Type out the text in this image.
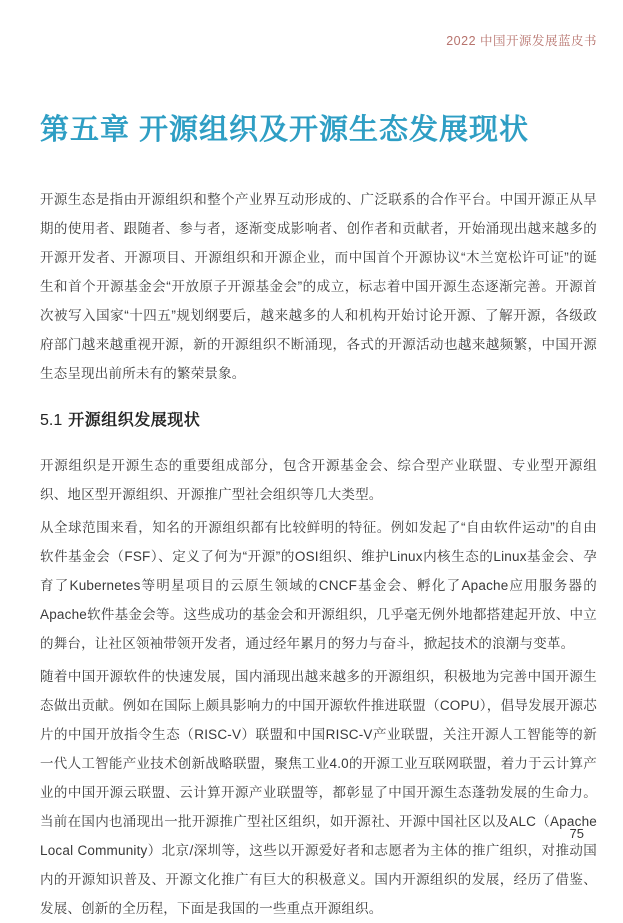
2022 中国开源发展蓝皮书
第五章 开源组织及开源生态发展现状

开源生态是指由开源组织和整个产业界互动形成的、广泛联系的合作平台。中国开源正从早期的使用者、跟随者、参与者，逐渐变成影响者、创作者和贡献者，开始涌现出越来越多的开源开发者、开源项目、开源组织和开源企业，而中国首个开源协议“木兰宽松许可证”的诞生和首个开源基金会“开放原子开源基金会”的成立，标志着中国开源生态逐渐完善。开源首次被写入国家“十四五”规划纲要后，越来越多的人和机构开始讨论开源、了解开源，各级政府部门越来越重视开源，新的开源组织不断涌现，各式的开源活动也越来越频繁，中国开源生态呈现出前所未有的繁荣景象。

5.1 开源组织发展现状

开源组织是开源生态的重要组成部分，包含开源基金会、综合型产业联盟、专业型开源组织、地区型开源组织、开源推广型社会组织等几大类型。

从全球范围来看，知名的开源组织都有比较鲜明的特征。例如发起了“自由软件运动”的自由软件基金会（FSF）、定义了何为“开源”的OSI组织、维护Linux内核生态的Linux基金会、孕育了Kubernetes等明星项目的云原生领域的CNCF基金会、孵化了Apache应用服务器的Apache软件基金会等。这些成功的基金会和开源组织，几乎毫无例外地都搭建起开放、中立的舞台，让社区领袖带领开发者，通过经年累月的努力与奋斗，掀起技术的浪潮与变革。

随着中国开源软件的快速发展，国内涌现出越来越多的开源组织，积极地为完善中国开源生态做出贡献。例如在国际上颇具影响力的中国开源软件推进联盟（COPU），倡导发展开源芯片的中国开放指令生态（RISC-V）联盟和中国RISC-V产业联盟，关注开源人工智能等的新一代人工智能产业技术创新战略联盟，聚焦工业4.0的开源工业互联网联盟，着力于云计算产业的中国开源云联盟、云计算开源产业联盟等，都彰显了中国开源生态蓬勃发展的生命力。当前在国内也涌现出一批开源推广型社区组织，如开源社、开源中国社区以及ALC（Apache Local Community）北京/深圳等，这些以开源爱好者和志愿者为主体的推广组织，对推动国内的开源知识普及、开源文化推广有巨大的积极意义。国内开源组织的发展，经历了借鉴、发展、创新的全历程，下面是我国的一些重点开源组织。

75
